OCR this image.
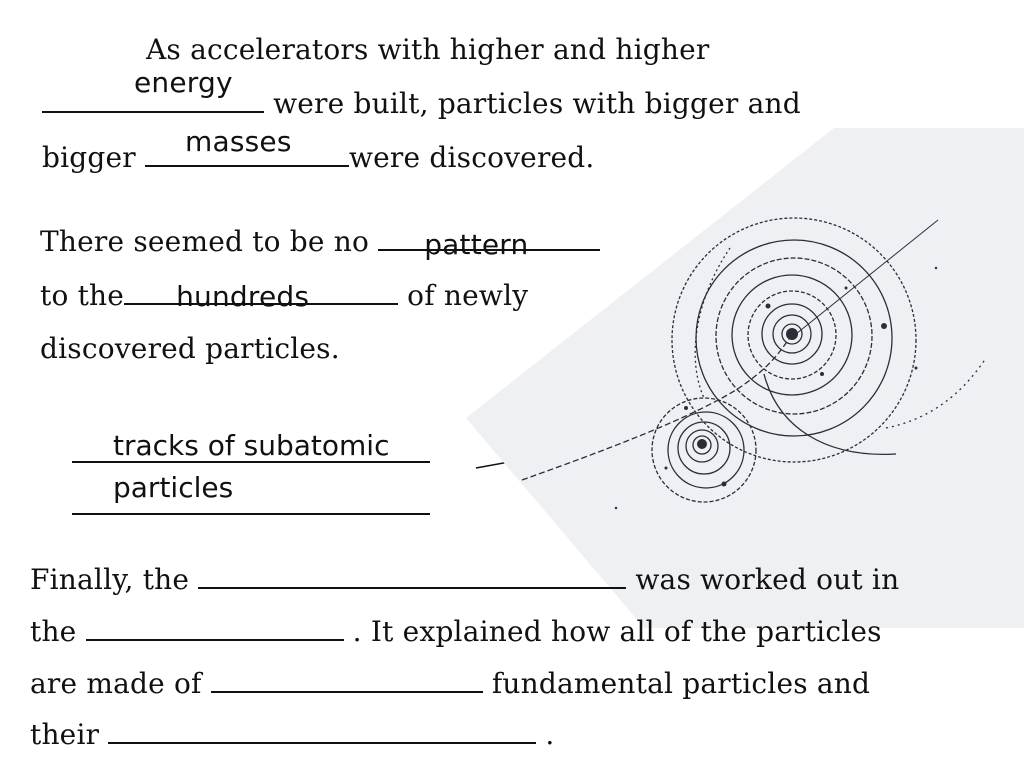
As accelerators with higher and higher
energy
were built, particles with bigger and
bigger masses were discovered.
There seemed to be no pattern
to the hundreds	of newly
discovered particles.
tracks of subatomic
particles
Finally, the	was worked out in
the	. It explained how all of the particles
are made of	fundamental particles and
their	.
